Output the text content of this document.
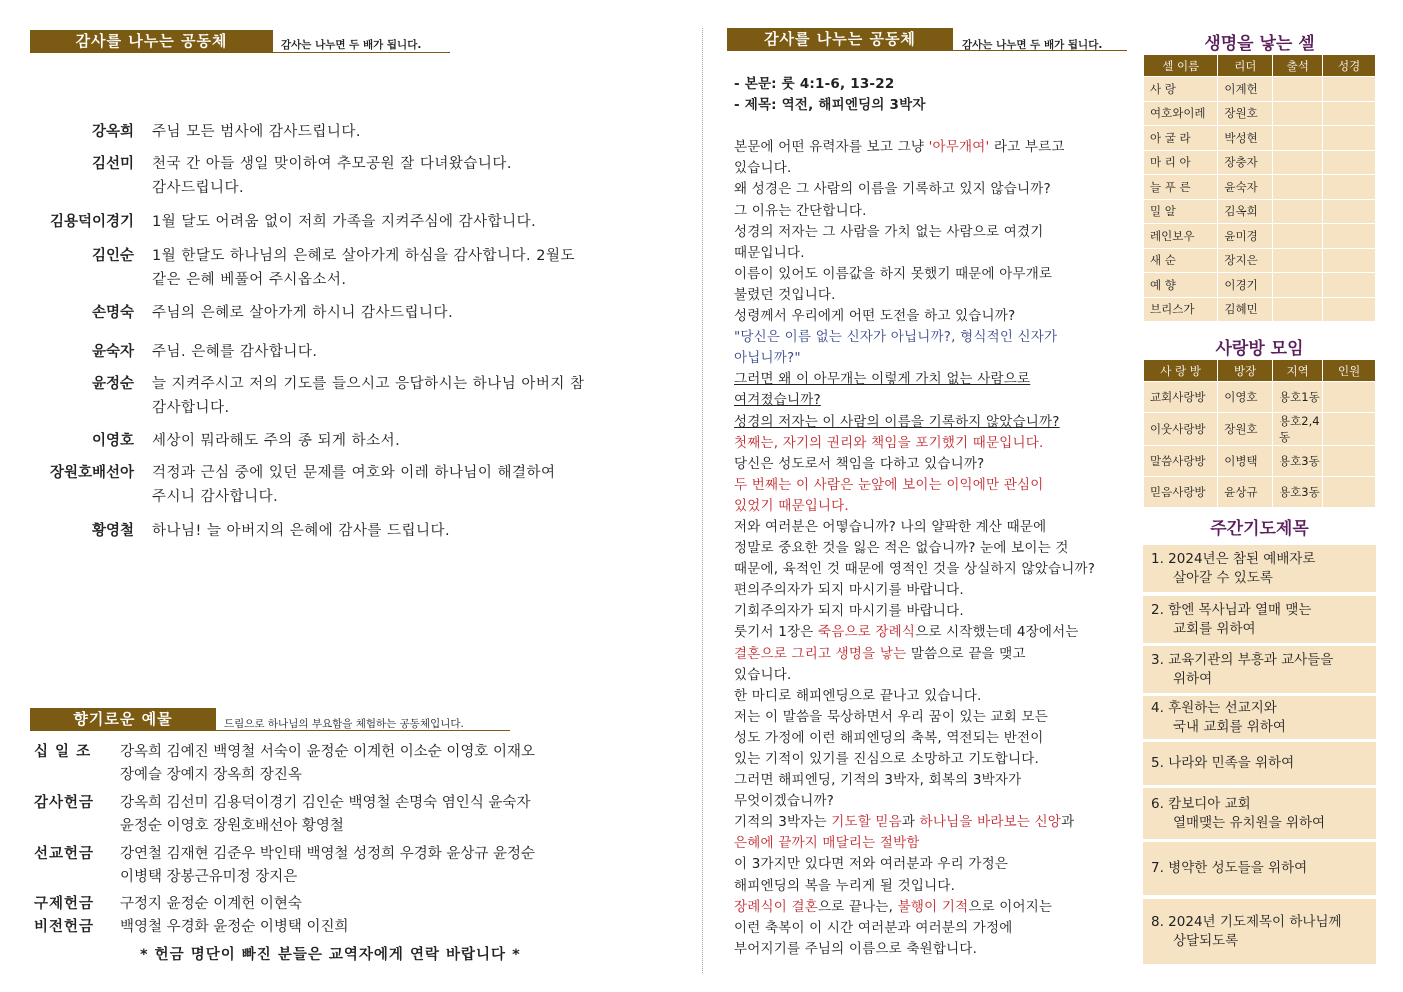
감사를 나누는 공동체	감사는 나누면 두 배가 됩니다.
강옥희 주님 모든 범사에 감사드립니다.
김선미 천국 간 아들 생일 맞이하여 추모공원 잘 다녀왔습니다.
감사드립니다.
김용덕이경기 1월 달도 어려움 없이 저희 가족을 지켜주심에 감사합니다.
김인순 1월 한달도 하나님의 은혜로 살아가게 하심을 감사합니다. 2월도
같은 은혜 베풀어 주시옵소서.
손명숙 주님의 은혜로 살아가게 하시니 감사드립니다.
윤숙자 주님. 은혜를 감사합니다.
윤정순 늘 지켜주시고 저의 기도를 들으시고 응답하시는 하나님 아버지 참
감사합니다.
이영호 세상이 뭐라해도 주의 종 되게 하소서.
장원호배선아 걱정과 근심 중에 있던 문제를 여호와 이레 하나님이 해결하여
주시니 감사합니다.
황영철 하나님! 늘 아버지의 은혜에 감사를 드립니다.
향기로운 예물	드림으로 하나님의 부요함을 체험하는 공동체입니다.
십 일 조	강옥희 김예진 백영철 서숙이 윤정순 이계헌 이소순 이영호 이재오
장예슬 장예지 장옥희 장진옥
감사헌금	강옥희 김선미 김용덕이경기 김인순 백영철 손명숙 염인식 윤숙자
윤정순 이영호 장원호배선아 황영철
선교헌금	강연철 김재현 김준우 박인태 백영철 성정희 우경화 윤상규 윤정순
이병택 장봉근유미정 장지은
구제헌금	구정지 윤정순 이계헌 이현숙
비전헌금	백영철 우경화 윤정순 이병택 이진희
* 헌금 명단이 빠진 분들은 교역자에게 연락 바랍니다 *
감사를 나누는 공동체	감사는 나누면 두 배가 됩니다.
- 본문: 룻 4:1-6, 13-22
- 제목: 역전, 해피엔딩의 3박자

본문에 어떤 유력자를 보고 그냥 '아무개여' 라고 부르고
있습니다.
왜 성경은 그 사람의 이름을 기록하고 있지 않습니까?
그 이유는 간단합니다.
성경의 저자는 그 사람을 가치 없는 사람으로 여겼기
때문입니다.
이름이 있어도 이름값을 하지 못했기 때문에 아무개로
불렸던 것입니다.
성령께서 우리에게 어떤 도전을 하고 있습니까?
"당신은 이름 없는 신자가 아닙니까?, 형식적인 신자가
아닙니까?"
그러면 왜 이 아무개는 이렇게 가치 없는 사람으로
여겨졌습니까?
성경의 저자는 이 사람의 이름을 기록하지 않았습니까?
첫째는, 자기의 권리와 책임을 포기했기 때문입니다.
당신은 성도로서 책임을 다하고 있습니까?
두 번째는 이 사람은 눈앞에 보이는 이익에만 관심이
있었기 때문입니다.
저와 여러분은 어떻습니까? 나의 얄팍한 계산 때문에
정말로 중요한 것을 잃은 적은 없습니까? 눈에 보이는 것
때문에, 육적인 것 때문에 영적인 것을 상실하지 않았습니까?
편의주의자가 되지 마시기를 바랍니다.
기회주의자가 되지 마시기를 바랍니다.
룻기서 1장은 죽음으로 장례식으로 시작했는데 4장에서는
결혼으로 그리고 생명을 낳는 말씀으로 끝을 맺고
있습니다.
한 마디로 해피엔딩으로 끝나고 있습니다.
저는 이 말씀을 묵상하면서 우리 꿈이 있는 교회 모든
성도 가정에 이런 해피엔딩의 축복, 역전되는 반전이
있는 기적이 있기를 진심으로 소망하고 기도합니다.
그러면 해피엔딩, 기적의 3박자, 회복의 3박자가
무엇이겠습니까?
기적의 3박자는 기도할 믿음과 하나님을 바라보는 신앙과
은혜에 끝까지 매달리는 절박함
이 3가지만 있다면 저와 여러분과 우리 가정은
해피엔딩의 복을 누리게 될 것입니다.
장례식이 결혼으로 끝나는, 불행이 기적으로 이어지는
이런 축복이 이 시간 여러분과 여러분의 가정에
부어지기를 주님의 이름으로 축원합니다.
생명을 낳는 셀
셀 이름	리더	출석	성경
사 랑	이계헌		
여호와이레	장원호		
아 굴 라	박성현		
마 리 아	장충자		
늘 푸 른	윤숙자		
밀 알	김옥희		
레인보우	윤미경		
새 순	장지은		
예 향	이경기		
브리스가	김혜민		
사랑방 모임
사 랑 방	방장	지역	인원
교회사랑방	이영호	용호1동	
이웃사랑방	장원호	용호2,4동	
말씀사랑방	이병택	용호3동	
믿음사랑방	윤상규	용호3동	
주간기도제목
1. 2024년은 참된 예배자로
살아갈 수 있도록
2. 함엔 목사님과 열매 맺는
교회를 위하여
3. 교육기관의 부흥과 교사들을
위하여
4. 후원하는 선교지와
국내 교회를 위하여
5. 나라와 민족을 위하여
6. 캄보디아 교회
열매맺는 유치원을 위하여
7. 병약한 성도들을 위하여
8. 2024년 기도제목이 하나님께
상달되도록
